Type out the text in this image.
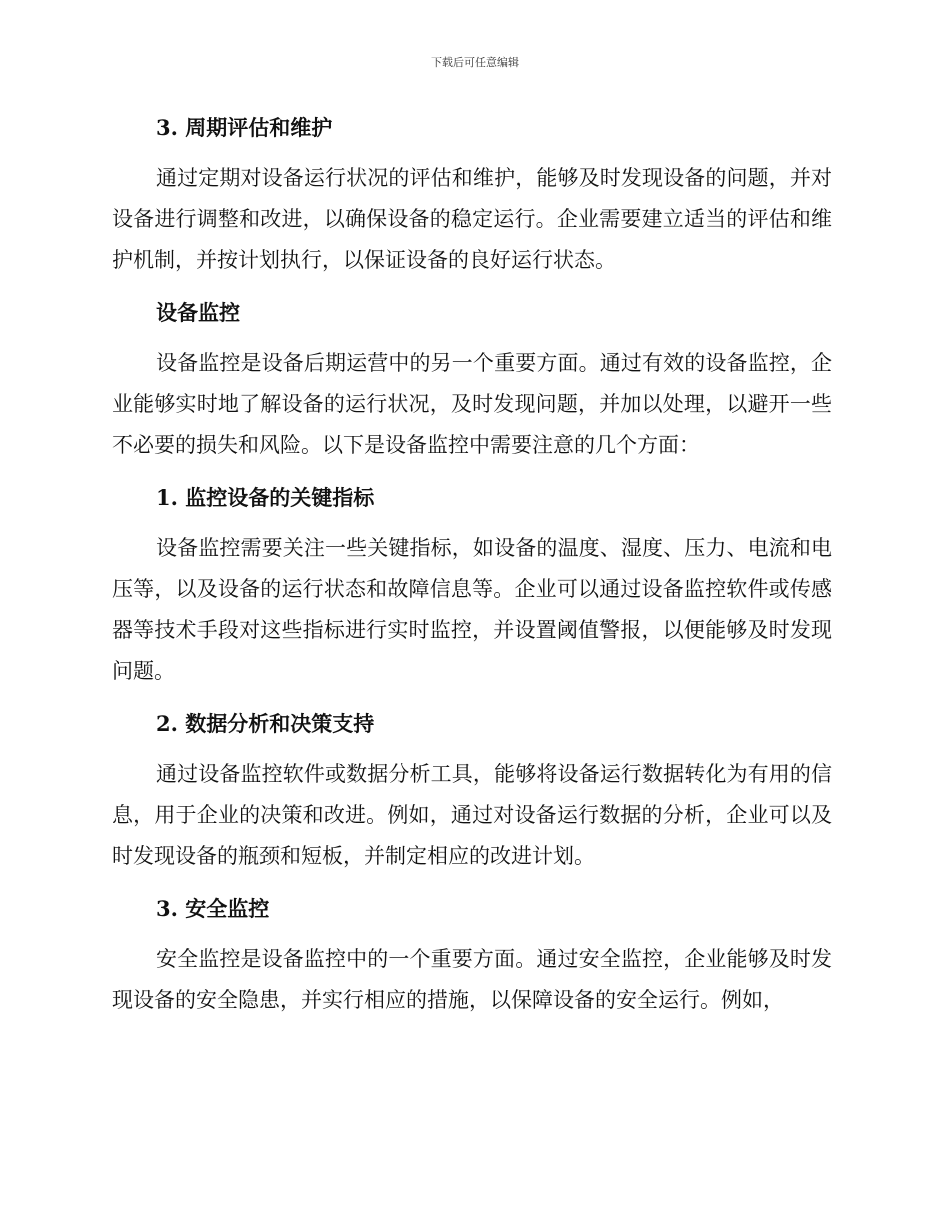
下载后可任意编辑
3. 周期评估和维护

通过定期对设备运行状况的评估和维护，能够及时发现设备的问题，并对设备进行调整和改进，以确保设备的稳定运行。企业需要建立适当的评估和维护机制，并按计划执行，以保证设备的良好运行状态。

设备监控

设备监控是设备后期运营中的另一个重要方面。通过有效的设备监控，企业能够实时地了解设备的运行状况，及时发现问题，并加以处理，以避开一些不必要的损失和风险。以下是设备监控中需要注意的几个方面：

1. 监控设备的关键指标

设备监控需要关注一些关键指标，如设备的温度、湿度、压力、电流和电压等，以及设备的运行状态和故障信息等。企业可以通过设备监控软件或传感器等技术手段对这些指标进行实时监控，并设置阈值警报，以便能够及时发现问题。

2. 数据分析和决策支持

通过设备监控软件或数据分析工具，能够将设备运行数据转化为有用的信息，用于企业的决策和改进。例如，通过对设备运行数据的分析，企业可以及时发现设备的瓶颈和短板，并制定相应的改进计划。

3. 安全监控

安全监控是设备监控中的一个重要方面。通过安全监控，企业能够及时发现设备的安全隐患，并实行相应的措施，以保障设备的安全运行。例如，
